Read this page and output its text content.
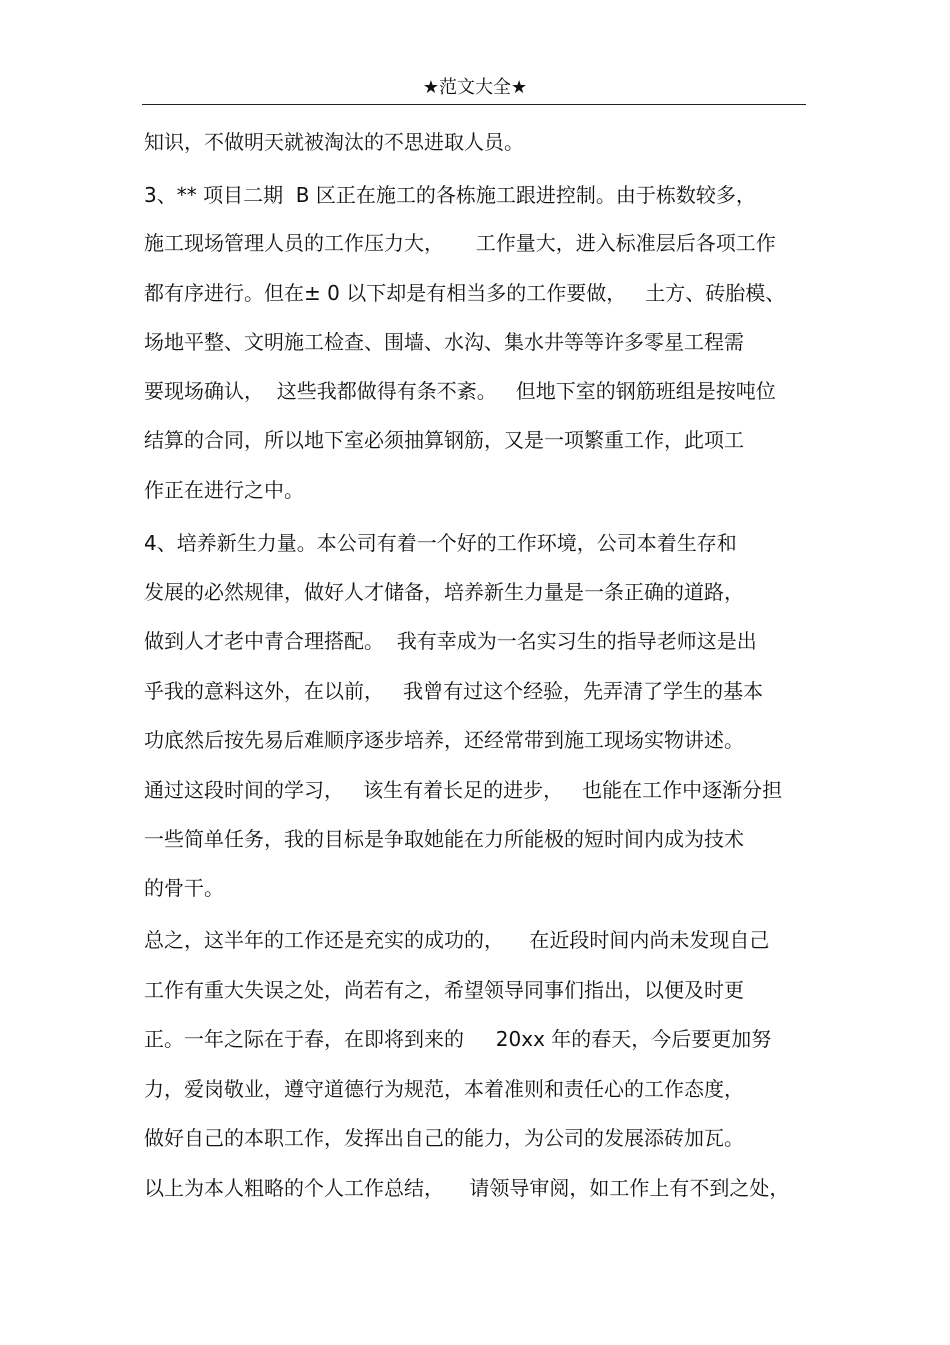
★范文大全★
知识，不做明天就被淘汰的不思进取人员。
3、** 项目二期  B 区正在施工的各栋施工跟进控制。由于栋数较多，
施工现场管理人员的工作压力大，     工作量大，进入标准层后各项工作
都有序进行。但在± 0 以下却是有相当多的工作要做，   土方、砖胎模、
场地平整、文明施工检查、围墙、水沟、集水井等等许多零星工程需
要现场确认，  这些我都做得有条不紊。   但地下室的钢筋班组是按吨位
结算的合同，所以地下室必须抽算钢筋，又是一项繁重工作，此项工
作正在进行之中。
4、培养新生力量。本公司有着一个好的工作环境，公司本着生存和
发展的必然规律，做好人才储备，培养新生力量是一条正确的道路，
做到人才老中青合理搭配。  我有幸成为一名实习生的指导老师这是出
乎我的意料这外，在以前，   我曾有过这个经验，先弄清了学生的基本
功底然后按先易后难顺序逐步培养，还经常带到施工现场实物讲述。
通过这段时间的学习，   该生有着长足的进步，   也能在工作中逐渐分担
一些简单任务，我的目标是争取她能在力所能极的短时间内成为技术
的骨干。
总之，这半年的工作还是充实的成功的，    在近段时间内尚未发现自己
工作有重大失误之处，尚若有之，希望领导同事们指出，以便及时更
正。一年之际在于春，在即将到来的     20xx 年的春天，今后要更加努
力，爱岗敬业，遵守道德行为规范，本着准则和责任心的工作态度，
做好自己的本职工作，发挥出自己的能力，为公司的发展添砖加瓦。
以上为本人粗略的个人工作总结，    请领导审阅，如工作上有不到之处，
